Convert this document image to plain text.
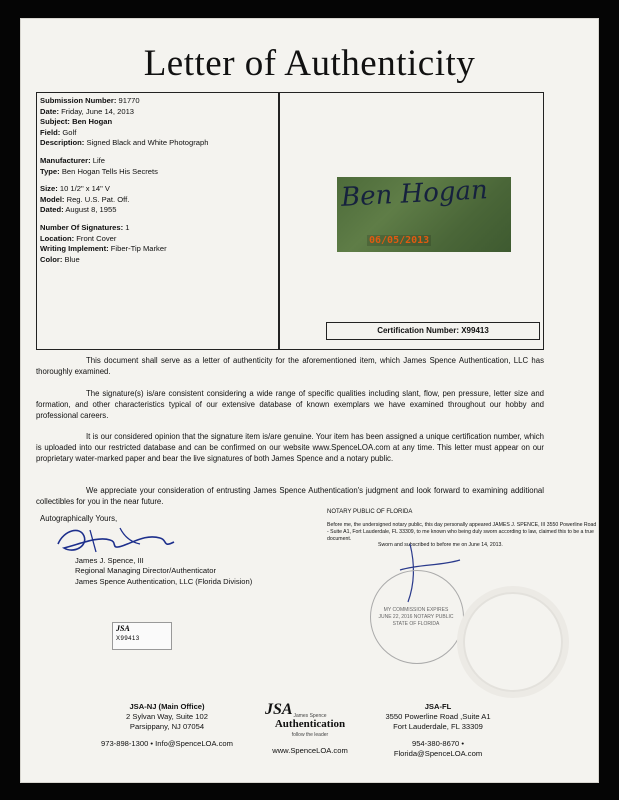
Letter of Authenticity
Submission Number: 91770
Date: Friday, June 14, 2013
Subject: Ben Hogan
Field: Golf
Description: Signed Black and White Photograph
Manufacturer: Life
Type: Ben Hogan Tells His Secrets
Size: 10 1/2" x 14" V
Model: Reg. U.S. Pat. Off.
Dated: August 8, 1955
Number Of Signatures: 1
Location: Front Cover
Writing Implement: Fiber-Tip Marker
Color: Blue
Ben Hogan
06/05/2013
Certification Number: X99413

This document shall serve as a letter of authenticity for the aforementioned item, which James Spence Authentication, LLC has thoroughly examined.

The signature(s) is/are consistent considering a wide range of specific qualities including slant, flow, pen pressure, letter size and formation, and other characteristics typical of our extensive database of known exemplars we have examined throughout our hobby and professional careers.

It is our considered opinion that the signature item is/are genuine. Your item has been assigned a unique certification number, which is uploaded into our restricted database and can be confirmed on our website www.SpenceLOA.com at any time. This letter must appear on our proprietary water-marked paper and bear the live signatures of both James Spence and a notary public.

We appreciate your consideration of entrusting James Spence Authentication's judgment and look forward to examining additional collectibles for you in the near future.

Autographically Yours,
James J. Spence, III
Regional Managing Director/Authenticator
James Spence Authentication, LLC (Florida Division)
JSA
X99413
NOTARY PUBLIC OF FLORIDA
Before me, the undersigned notary public, this day personally appeared JAMES J. SPENCE, III 3550 Powerline Road - Suite A1, Fort Lauderdale, FL 33309, to me known who being duly sworn according to law, claimed this to be a true document.
Sworn and subscribed to before me on June 14, 2013.
MY COMMISSION EXPIRES JUNE 22, 2016 NOTARY PUBLIC STATE OF FLORIDA
JSA-NJ (Main Office)
2 Sylvan Way, Suite 102
Parsippany, NJ 07054
973-898-1300 • Info@SpenceLOA.com
JSA James Spence
Authentication
follow the leader
www.SpenceLOA.com
JSA-FL
3550 Powerline Road ,Suite A1
Fort Lauderdale, FL 33309
954-380-8670 • Florida@SpenceLOA.com
